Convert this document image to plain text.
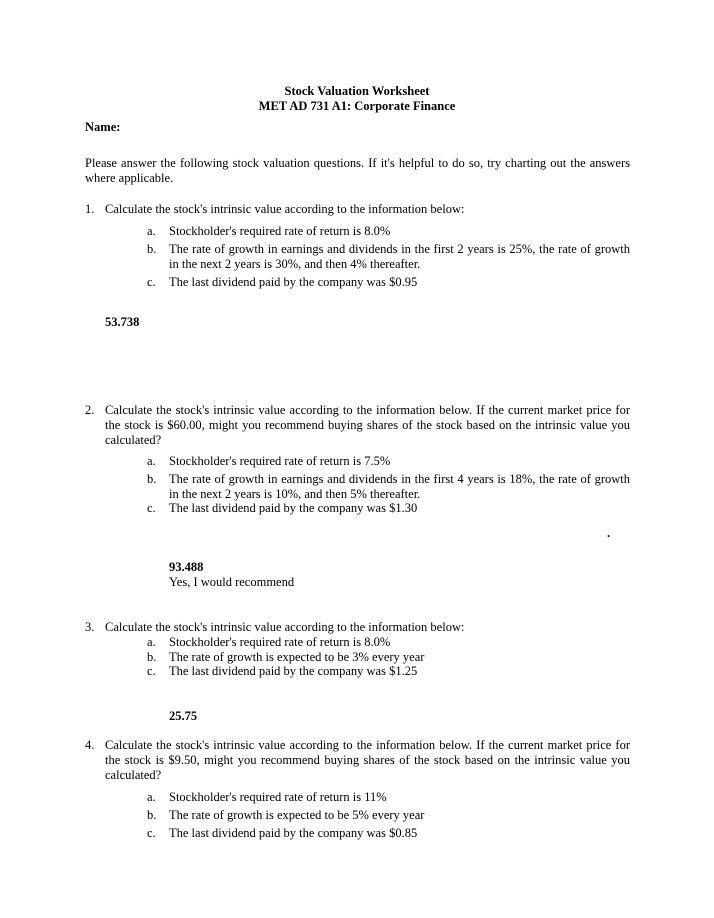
Stock Valuation Worksheet
MET AD 731 A1: Corporate Finance
Name:
Please answer the following stock valuation questions. If it's helpful to do so, try charting out the answers where applicable.
1. Calculate the stock's intrinsic value according to the information below:
a. Stockholder's required rate of return is 8.0%
b. The rate of growth in earnings and dividends in the first 2 years is 25%, the rate of growth in the next 2 years is 30%, and then 4% thereafter.
c. The last dividend paid by the company was $0.95
53.738
2. Calculate the stock's intrinsic value according to the information below. If the current market price for the stock is $60.00, might you recommend buying shares of the stock based on the intrinsic value you calculated?
a. Stockholder's required rate of return is 7.5%
b. The rate of growth in earnings and dividends in the first 4 years is 18%, the rate of growth in the next 2 years is 10%, and then 5% thereafter.
c. The last dividend paid by the company was $1.30
.
93.488
Yes, I would recommend
3. Calculate the stock's intrinsic value according to the information below:
a. Stockholder's required rate of return is 8.0%
b. The rate of growth is expected to be 3% every year
c. The last dividend paid by the company was $1.25
25.75
4. Calculate the stock's intrinsic value according to the information below. If the current market price for the stock is $9.50, might you recommend buying shares of the stock based on the intrinsic value you calculated?
a. Stockholder's required rate of return is 11%
b. The rate of growth is expected to be 5% every year
c. The last dividend paid by the company was $0.85
